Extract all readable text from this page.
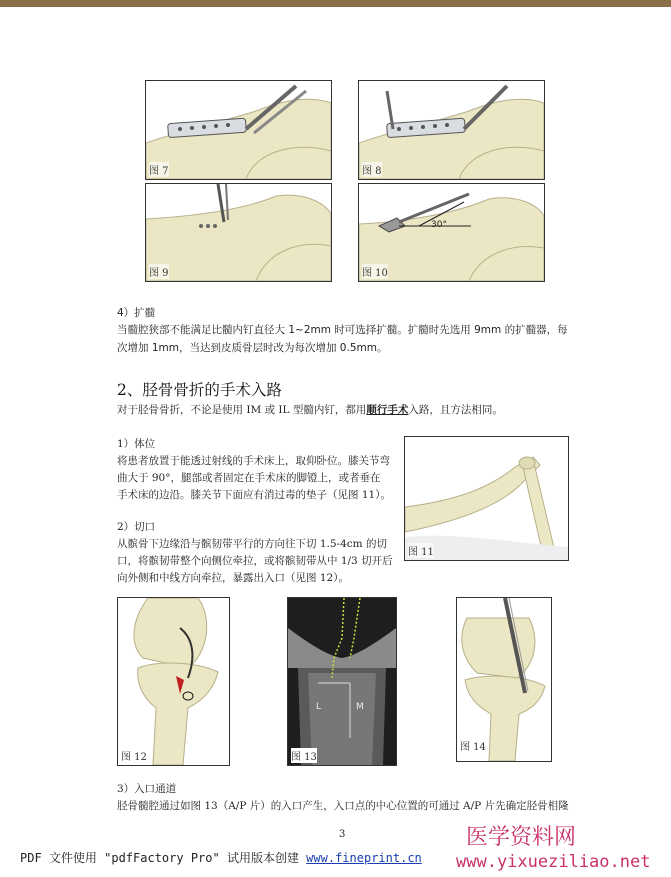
图 7	图 8
图 9
30°
图 10
4）扩髓
当髓腔狭部不能满足比髓内钉直径大 1~2mm 时可选择扩髓。扩髓时先选用 9mm 的扩髓器，每
次增加 1mm，当达到皮质骨层时改为每次增加 0.5mm。
2、胫骨骨折的手术入路
对于胫骨骨折，不论是使用 IM 或 IL 型髓内钉，都用顺行手术入路，且方法相同。
1）体位
将患者放置于能透过射线的手术床上，取仰卧位。膝关节弯
曲大于 90°，腿部或者固定在手术床的脚镫上，或者垂在
手术床的边沿。膝关节下面应有消过毒的垫子（见图 11）。
2）切口
从髌骨下边缘沿与髌韧带平行的方向往下切 1.5-4cm 的切
口，将髌韧带整个向侧位牵拉，或将髌韧带从中 1/3 切开后
向外侧和中线方向牵拉，暴露出入口（见图 12）。
图 11
图 12
L	M
图 13
图 14
3）入口通道
胫骨髓腔通过如图 13（A/P 片）的入口产生，入口点的中心位置的可通过 A/P 片先确定胫骨相隆
3
PDF 文件使用 "pdfFactory Pro" 试用版本创建 www.fineprint.cn
医学资料网
www.yixueziliao.net
